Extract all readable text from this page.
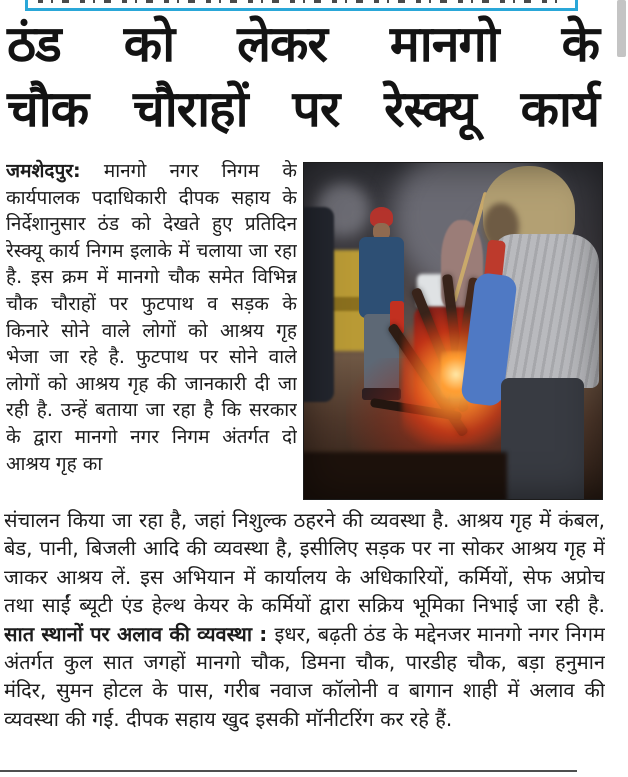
ठंड को लेकर मानगो के
चौक चौराहों पर रेस्क्यू कार्य
जमशेदपुर: मानगो नगर निगम के कार्यपालक पदाधिकारी दीपक सहाय के निर्देशानुसार ठंड को देखते हुए प्रतिदिन रेस्क्यू कार्य निगम इलाके में चलाया जा रहा है. इस क्रम में मानगो चौक समेत विभिन्न चौक चौराहों पर फुटपाथ व सड़क के किनारे सोने वाले लोगों को आश्रय गृह भेजा जा रहे है. फुटपाथ पर सोने वाले लोगों को आश्रय गृह की जानकारी दी जा रही है. उन्हें बताया जा रहा है कि सरकार के द्वारा मानगो नगर निगम अंतर्गत दो आश्रय गृह का
संचालन किया जा रहा है, जहां निशुल्क ठहरने की व्यवस्था है. आश्रय गृह में कंबल, बेड, पानी, बिजली आदि की व्यवस्था है, इसीलिए सड़क पर ना सोकर आश्रय गृह में जाकर आश्रय लें. इस अभियान में कार्यालय के अधिकारियों, कर्मियों, सेफ अप्रोच तथा साईं ब्यूटी एंड हेल्थ केयर के कर्मियों द्वारा सक्रिय भूमिका निभाई जा रही है. सात स्थानों पर अलाव की व्यवस्था : इधर, बढ़ती ठंड के मद्देनजर मानगो नगर निगम अंतर्गत कुल सात जगहों मानगो चौक, डिमना चौक, पारडीह चौक, बड़ा हनुमान मंदिर, सुमन होटल के पास, गरीब नवाज कॉलोनी व बागान शाही में अलाव की व्यवस्था की गई. दीपक सहाय खुद इसकी मॉनीटरिंग कर रहे हैं.
